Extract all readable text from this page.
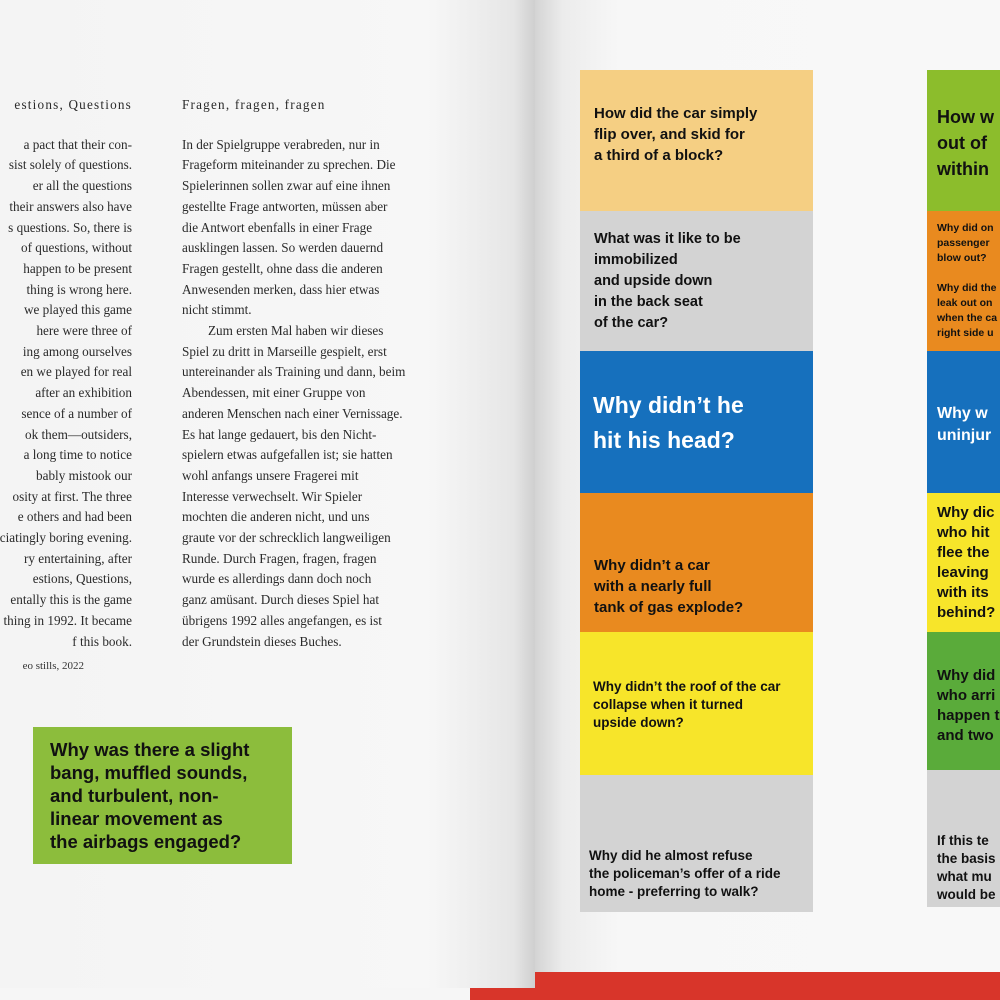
estions, Questions
a pact that their con-
sist solely of questions.
er all the questions
their answers also have
s questions. So, there is
of questions, without
happen to be present
thing is wrong here.
we played this game
here were three of
ing among ourselves
en we played for real
after an exhibition
sence of a number of
ok them—outsiders,
a long time to notice
bably mistook our
osity at first. The three
e others and had been
ciatingly boring evening.
ry entertaining, after
estions, Questions,
entally this is the game
thing in 1992. It became
f this book.
Fragen, fragen, fragen
In der Spielgruppe verabreden, nur in
Frageform miteinander zu sprechen. Die
Spielerinnen sollen zwar auf eine ihnen
gestellte Frage antworten, müssen aber
die Antwort ebenfalls in einer Frage
ausklingen lassen. So werden dauernd
Fragen gestellt, ohne dass die anderen
Anwesenden merken, dass hier etwas
nicht stimmt.
Zum ersten Mal haben wir dieses
Spiel zu dritt in Marseille gespielt, erst
untereinander als Training und dann, beim
Abendessen, mit einer Gruppe von
anderen Menschen nach einer Vernissage.
Es hat lange gedauert, bis den Nicht-
spielern etwas aufgefallen ist; sie hatten
wohl anfangs unsere Fragerei mit
Interesse verwechselt. Wir Spieler
mochten die anderen nicht, und uns
graute vor der schrecklich langweiligen
Runde. Durch Fragen, fragen, fragen
wurde es allerdings dann doch noch
ganz amüsant. Durch dieses Spiel hat
übrigens 1992 alles angefangen, es ist
der Grundstein dieses Buches.
eo stills, 2022
Why was there a slight
bang, muffled sounds,
and turbulent, non-
linear movement as
the airbags engaged?
How did the car simply
flip over, and skid for
a third of a block?
What was it like to be
immobilized
and upside down
in the back seat
of the car?
Why didn’t he
hit his head?
Why didn’t a car
with a nearly full
tank of gas explode?
Why didn’t the roof of the car
collapse when it turned
upside down?
Why did he almost refuse
the policeman’s offer of a ride
home - preferring to walk?
How w
out of
within
Why did on
passenger
blow out?
Why did the
leak out on
when the ca
right side u
Why w
uninjur
Why dic
who hit
flee the
leaving
with its
behind?
Why did
who arri
happen t
and two
If this te
the basis
what mu
would be
